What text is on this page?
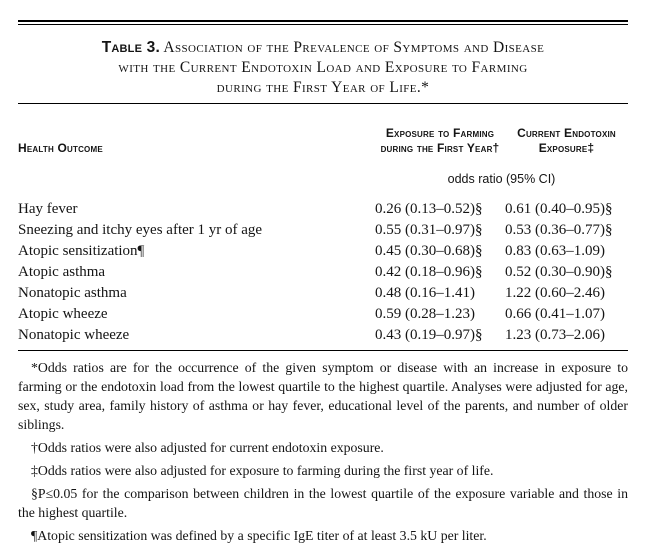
Table 3. Association of the Prevalence of Symptoms and Disease
with the Current Endotoxin Load and Exposure to Farming
during the First Year of Life.*
Health Outcome
Exposure to Farming
during the First Year†
Current Endotoxin
Exposure‡
odds ratio (95% CI)
Hay fever	0.26 (0.13–0.52)§	0.61 (0.40–0.95)§
Sneezing and itchy eyes after 1 yr of age	0.55 (0.31–0.97)§	0.53 (0.36–0.77)§
Atopic sensitization¶	0.45 (0.30–0.68)§	0.83 (0.63–1.09)
Atopic asthma	0.42 (0.18–0.96)§	0.52 (0.30–0.90)§
Nonatopic asthma	0.48 (0.16–1.41)	1.22 (0.60–2.46)
Atopic wheeze	0.59 (0.28–1.23)	0.66 (0.41–1.07)
Nonatopic wheeze	0.43 (0.19–0.97)§	1.23 (0.73–2.06)

*Odds ratios are for the occurrence of the given symptom or disease with an increase in exposure to farming or the endotoxin load from the lowest quartile to the highest quartile. Analyses were adjusted for age, sex, study area, family history of asthma or hay fever, educational level of the parents, and number of older siblings.

†Odds ratios were also adjusted for current endotoxin exposure.

‡Odds ratios were also adjusted for exposure to farming during the first year of life.

§P≤0.05 for the comparison between children in the lowest quartile of the exposure variable and those in the highest quartile.

¶Atopic sensitization was defined by a specific IgE titer of at least 3.5 kU per liter.
